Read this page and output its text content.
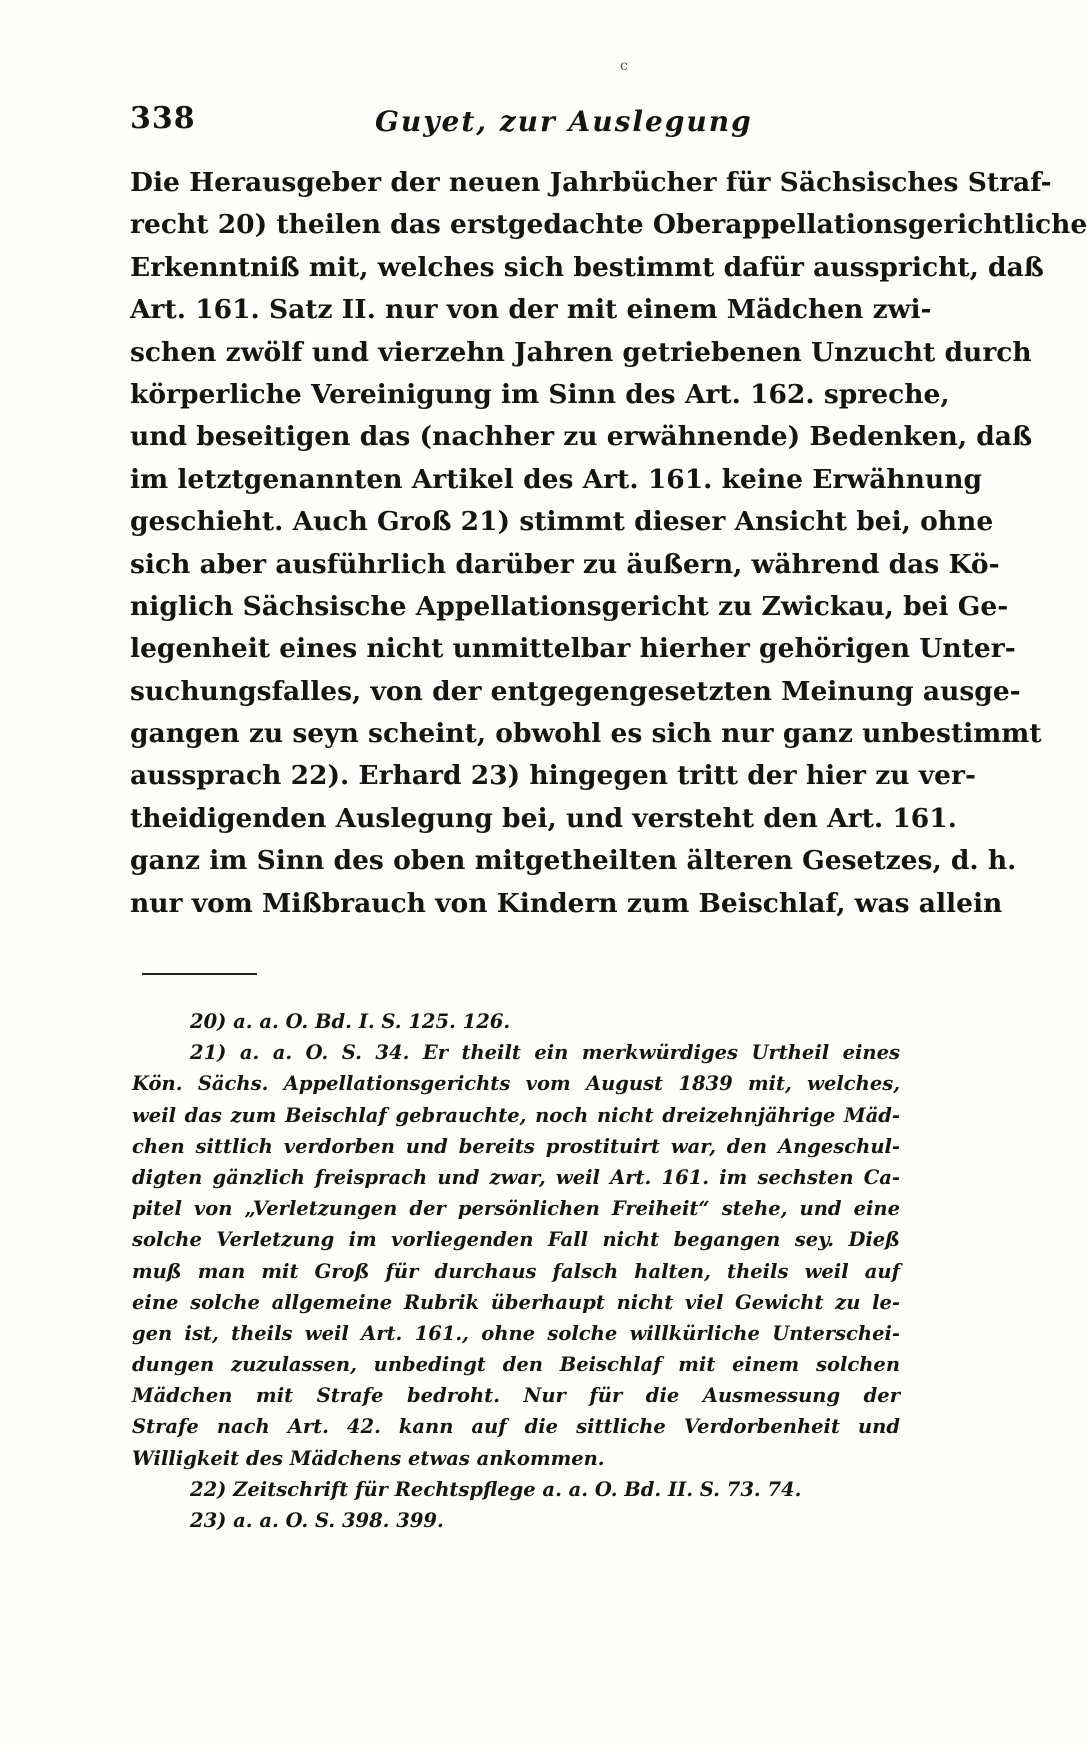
c
338	Guyet, zur Auslegung
Die Herausgeber der neuen Jahrbücher für Sächsisches Straf-
recht 20) theilen das erstgedachte Oberappellationsgerichtliche
Erkenntniß mit, welches sich bestimmt dafür ausspricht, daß
Art. 161. Satz II. nur von der mit einem Mädchen zwi-
schen zwölf und vierzehn Jahren getriebenen Unzucht durch
körperliche Vereinigung im Sinn des Art. 162. spreche,
und beseitigen das (nachher zu erwähnende) Bedenken, daß
im letztgenannten Artikel des Art. 161. keine Erwähnung
geschieht. Auch Groß 21) stimmt dieser Ansicht bei, ohne
sich aber ausführlich darüber zu äußern, während das Kö-
niglich Sächsische Appellationsgericht zu Zwickau, bei Ge-
legenheit eines nicht unmittelbar hierher gehörigen Unter-
suchungsfalles, von der entgegengesetzten Meinung ausge-
gangen zu seyn scheint, obwohl es sich nur ganz unbestimmt
aussprach 22). Erhard 23) hingegen tritt der hier zu ver-
theidigenden Auslegung bei, und versteht den Art. 161.
ganz im Sinn des oben mitgetheilten älteren Gesetzes, d. h.
nur vom Mißbrauch von Kindern zum Beischlaf, was allein
20) a. a. O. Bd. I. S. 125. 126.
21) a. a. O. S. 34. Er theilt ein merkwürdiges Urtheil eines
Kön. Sächs. Appellationsgerichts vom August 1839 mit, welches,
weil das zum Beischlaf gebrauchte, noch nicht dreizehnjährige Mäd-
chen sittlich verdorben und bereits prostituirt war, den Angeschul-
digten gänzlich freisprach und zwar, weil Art. 161. im sechsten Ca-
pitel von „Verletzungen der persönlichen Freiheit“ stehe, und eine
solche Verletzung im vorliegenden Fall nicht begangen sey. Dieß
muß man mit Groß für durchaus falsch halten, theils weil auf
eine solche allgemeine Rubrik überhaupt nicht viel Gewicht zu le-
gen ist, theils weil Art. 161., ohne solche willkürliche Unterschei-
dungen zuzulassen, unbedingt den Beischlaf mit einem solchen
Mädchen mit Strafe bedroht. Nur für die Ausmessung der
Strafe nach Art. 42. kann auf die sittliche Verdorbenheit und
Willigkeit des Mädchens etwas ankommen.
22) Zeitschrift für Rechtspflege a. a. O. Bd. II. S. 73. 74.
23) a. a. O. S. 398. 399.
